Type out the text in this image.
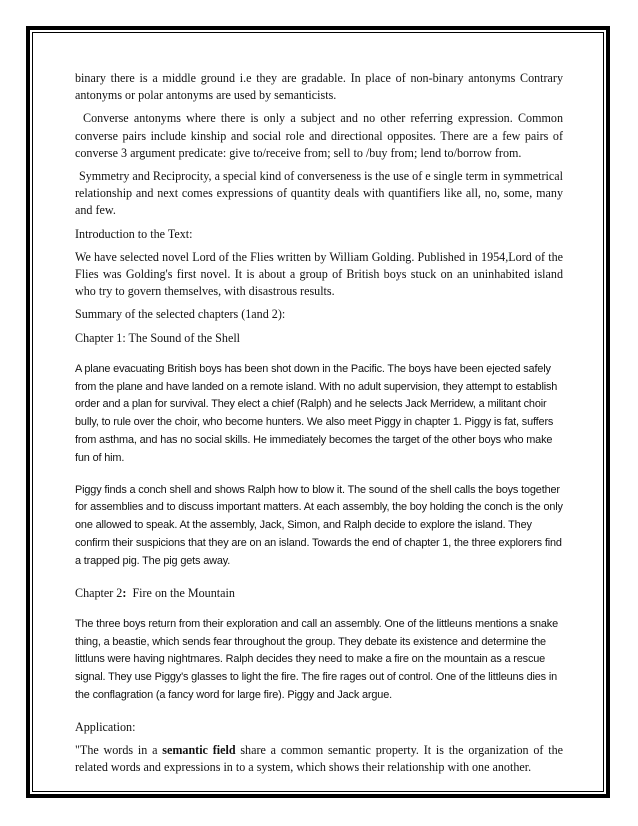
binary there is a middle ground i.e they are gradable. In place of non-binary antonyms Contrary antonyms or polar antonyms are used by semanticists.

Converse antonyms where there is only a subject and no other referring expression. Common converse pairs include kinship and social role and directional opposites. There are a few pairs of converse 3 argument predicate: give to/receive from; sell to /buy from; lend to/borrow from.

Symmetry and Reciprocity, a special kind of converseness is the use of e single term in symmetrical relationship and next comes expressions of quantity deals with quantifiers like all, no, some, many and few.

Introduction to the Text:

We have selected novel Lord of the Flies written by William Golding. Published in 1954,Lord of the Flies was Golding's first novel. It is about a group of British boys stuck on an uninhabited island who try to govern themselves, with disastrous results.

Summary of the selected chapters (1and 2):

Chapter 1: The Sound of the Shell

A plane evacuating British boys has been shot down in the Pacific. The boys have been ejected safely from the plane and have landed on a remote island. With no adult supervision, they attempt to establish order and a plan for survival. They elect a chief (Ralph) and he selects Jack Merridew, a militant choir bully, to rule over the choir, who become hunters. We also meet Piggy in chapter 1. Piggy is fat, suffers from asthma, and has no social skills. He immediately becomes the target of the other boys who make fun of him.

Piggy finds a conch shell and shows Ralph how to blow it. The sound of the shell calls the boys together for assemblies and to discuss important matters. At each assembly, the boy holding the conch is the only one allowed to speak. At the assembly, Jack, Simon, and Ralph decide to explore the island. They confirm their suspicions that they are on an island. Towards the end of chapter 1, the three explorers find a trapped pig. The pig gets away.

Chapter 2: Fire on the Mountain

The three boys return from their exploration and call an assembly. One of the littleuns mentions a snake thing, a beastie, which sends fear throughout the group. They debate its existence and determine the littluns were having nightmares. Ralph decides they need to make a fire on the mountain as a rescue signal. They use Piggy's glasses to light the fire. The fire rages out of control. One of the littleuns dies in the conflagration (a fancy word for large fire). Piggy and Jack argue.

Application:

"The words in a semantic field share a common semantic property. It is the organization of the related words and expressions in to a system, which shows their relationship with one another.
